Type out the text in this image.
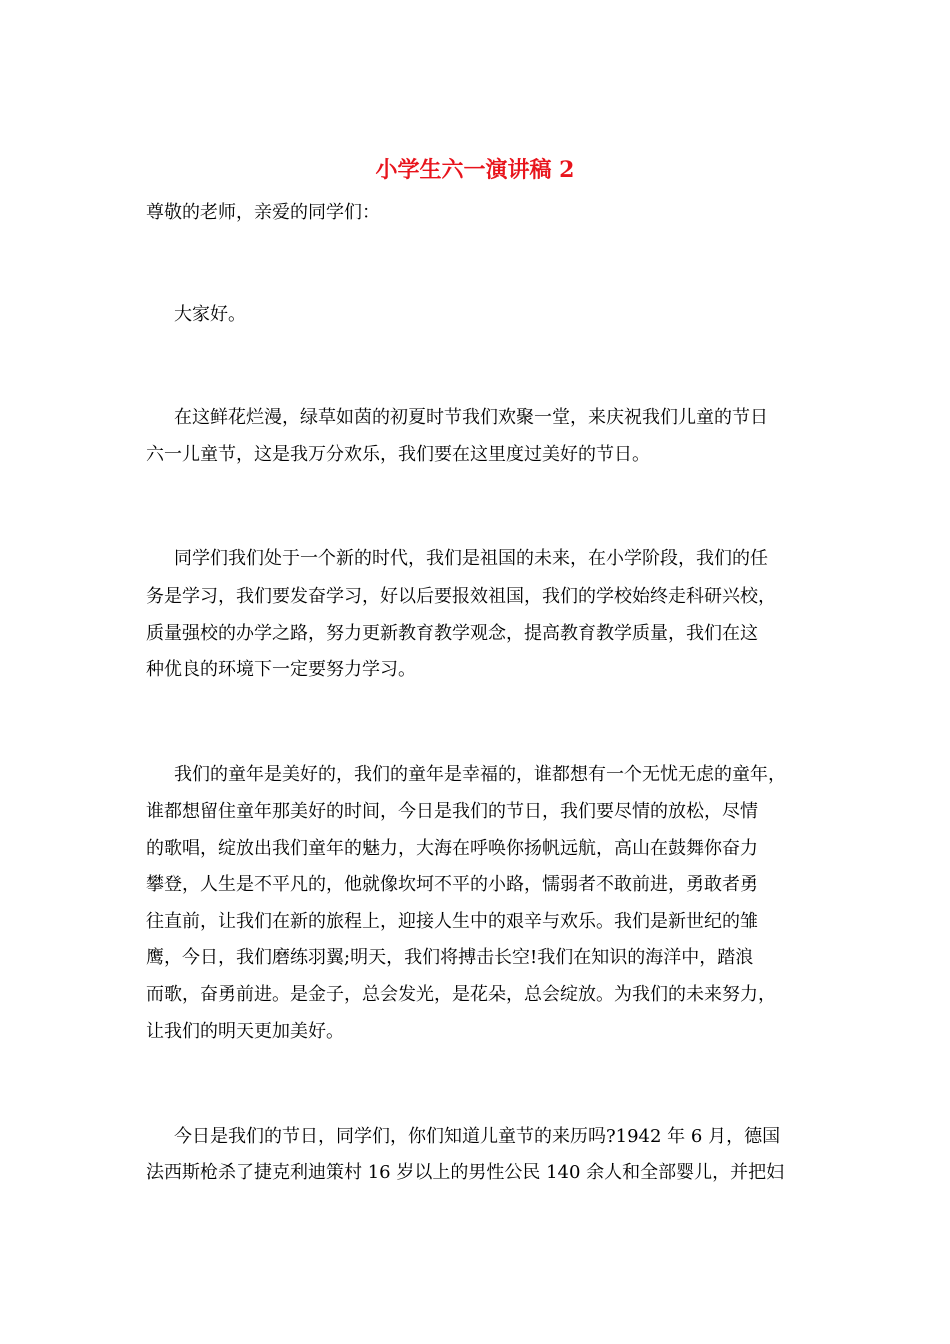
小学生六一演讲稿 2

尊敬的老师，亲爱的同学们：

大家好。

在这鲜花烂漫，绿草如茵的初夏时节我们欢聚一堂，来庆祝我们儿童的节日

六一儿童节，这是我万分欢乐，我们要在这里度过美好的节日。

同学们我们处于一个新的时代，我们是祖国的未来，在小学阶段，我们的任

务是学习，我们要发奋学习，好以后要报效祖国，我们的学校始终走科研兴校，

质量强校的办学之路，努力更新教育教学观念，提高教育教学质量，我们在这

种优良的环境下一定要努力学习。

我们的童年是美好的，我们的童年是幸福的，谁都想有一个无忧无虑的童年，

谁都想留住童年那美好的时间，今日是我们的节日，我们要尽情的放松，尽情

的歌唱，绽放出我们童年的魅力，大海在呼唤你扬帆远航，高山在鼓舞你奋力

攀登，人生是不平凡的，他就像坎坷不平的小路，懦弱者不敢前进，勇敢者勇

往直前，让我们在新的旅程上，迎接人生中的艰辛与欢乐。我们是新世纪的雏

鹰，今日，我们磨练羽翼;明天，我们将搏击长空!我们在知识的海洋中，踏浪

而歌，奋勇前进。是金子，总会发光，是花朵，总会绽放。为我们的未来努力，

让我们的明天更加美好。

今日是我们的节日，同学们，你们知道儿童节的来历吗?1942 年 6 月，德国

法西斯枪杀了捷克利迪策村 16 岁以上的男性公民 140 余人和全部婴儿，并把妇
